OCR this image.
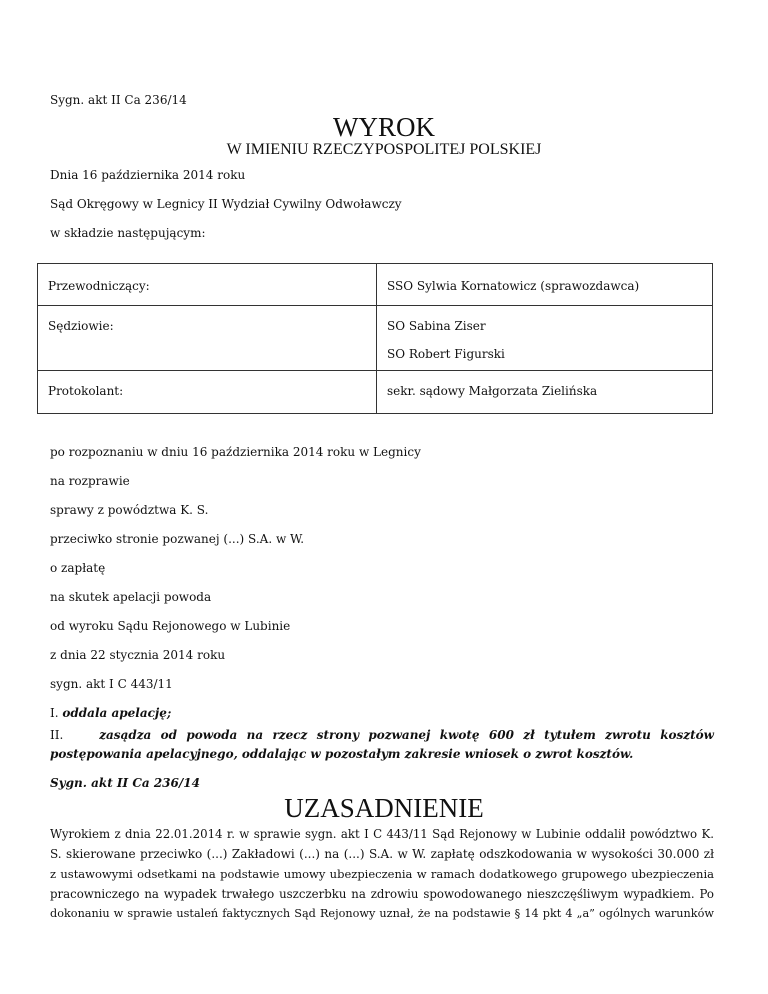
Sygn. akt II Ca 236/14
WYROK
W IMIENIU RZECZYPOSPOLITEJ POLSKIEJ
Dnia 16 października 2014 roku
Sąd Okręgowy w Legnicy II Wydział Cywilny Odwoławczy
w składzie następującym:
Przewodniczący:	SSO Sylwia Kornatowicz (sprawozdawca)

Sędziowie:	SO Sabina Ziser
SO Robert Figurski

Protokolant:	sekr. sądowy Małgorzata Zielińska
po rozpoznaniu w dniu 16 października 2014 roku w Legnicy
na rozprawie
sprawy z powództwa K. S.
przeciwko stronie pozwanej (...) S.A. w W.
o zapłatę
na skutek apelacji powoda
od wyroku Sądu Rejonowego w Lubinie
z dnia 22 stycznia 2014 roku
sygn. akt I C 443/11
I. oddala apelację;
II.	zasądza od powoda na rzecz strony pozwanej kwotę 600 zł tytułem zwrotu kosztów
postępowania apelacyjnego, oddalając w pozostałym zakresie wniosek o zwrot kosztów.
Sygn. akt II Ca 236/14
UZASADNIENIE
Wyrokiem z dnia 22.01.2014 r. w sprawie sygn. akt I C 443/11 Sąd Rejonowy w Lubinie oddalił powództwo K.
S. skierowane przeciwko (...) Zakładowi (...) na (...) S.A. w W. zapłatę odszkodowania w wysokości 30.000 zł
z ustawowymi odsetkami na podstawie umowy ubezpieczenia w ramach dodatkowego grupowego ubezpieczenia
pracowniczego na wypadek trwałego uszczerbku na zdrowiu spowodowanego nieszczęśliwym wypadkiem. Po
dokonaniu w sprawie ustaleń faktycznych Sąd Rejonowy uznał, że na podstawie § 14 pkt 4 „a” ogólnych warunków
